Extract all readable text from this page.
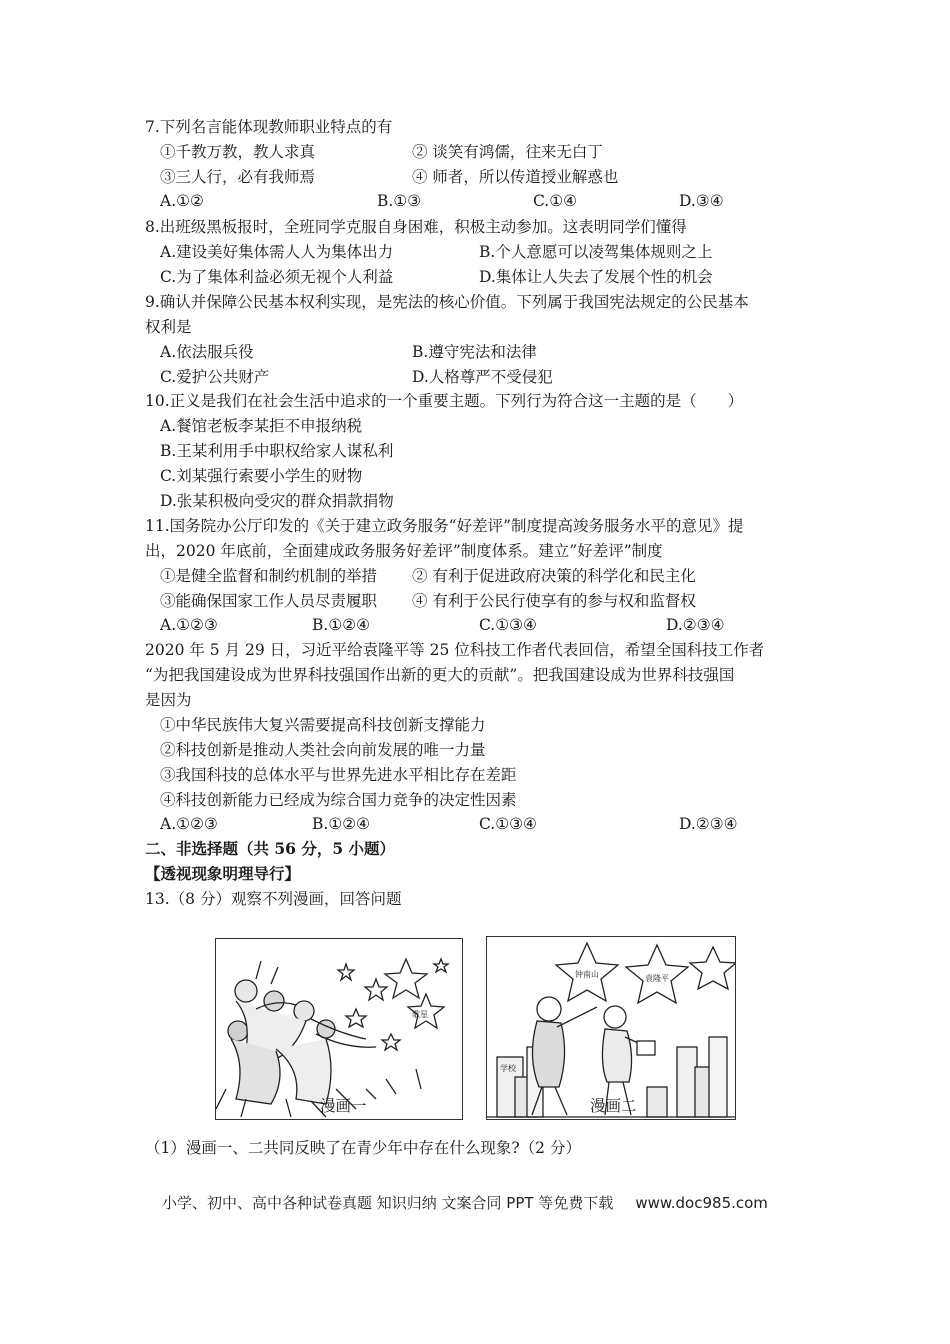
7.下列名言能体现教师职业特点的有
①千教万教，教人求真	② 谈笑有鸿儒，往来无白丁
③三人行，必有我师焉	④ 师者，所以传道授业解惑也
A.①②	B.①③	C.①④	D.③④
8.出班级黑板报时，全班同学克服自身困难，积极主动参加。这表明同学们懂得
A.建设美好集体需人人为集体出力	B.个人意愿可以凌驾集体规则之上
C.为了集体利益必须无视个人利益	D.集体让人失去了发展个性的机会
9.确认并保障公民基本权利实现，是宪法的核心价值。下列属于我国宪法规定的公民基本
权利是
A.依法服兵役	B.遵守宪法和法律
C.爱护公共财产	D.人格尊严不受侵犯
10.正义是我们在社会生活中追求的一个重要主题。下列行为符合这一主题的是（　　）
A.餐馆老板李某拒不申报纳税
B.王某利用手中职权给家人谋私利
C.刘某强行索要小学生的财物
D.张某积极向受灾的群众捐款捐物
11.国务院办公厅印发的《关于建立政务服务“好差评”制度提高竣务服务水平的意见》提
出，2020 年底前，全面建成政务服务好差评”制度体系。建立”好差评”制度
①是健全监督和制约机制的举措 ② 有利于促进政府决策的科学化和民主化
③能确保国家工作人员尽责履职 ④ 有利于公民行使享有的参与权和监督权
A.①②③	B.①②④	C.①③④	D.②③④
2020 年 5 月 29 日，习近平给袁隆平等 25 位科技工作者代表回信，希望全国科技工作者
“为把我国建设成为世界科技强国作出新的更大的贡献”。把我国建设成为世界科技强国
是因为
①中华民族伟大复兴需要提高科技创新支撑能力
②科技创新是推动人类社会向前发展的唯一力量
③我国科技的总体水平与世界先进水平相比存在差距
④科技创新能力已经成为综合国力竞争的决定性因素
A.①②③	B.①②④	C.①③④	D.②③④
二、非选择题（共 56 分，5 小题）
【透视现象明理导行】
13.（8 分）观察不列漫画，回答问题
歌星
漫画一
钟南山	袁隆平
学校
漫画二
（1）漫画一、二共同反映了在青少年中存在什么现象?（2 分）
小学、初中、高中各种试卷真题 知识归纳 文案合同 PPT 等免费下载 www.doc985.com
